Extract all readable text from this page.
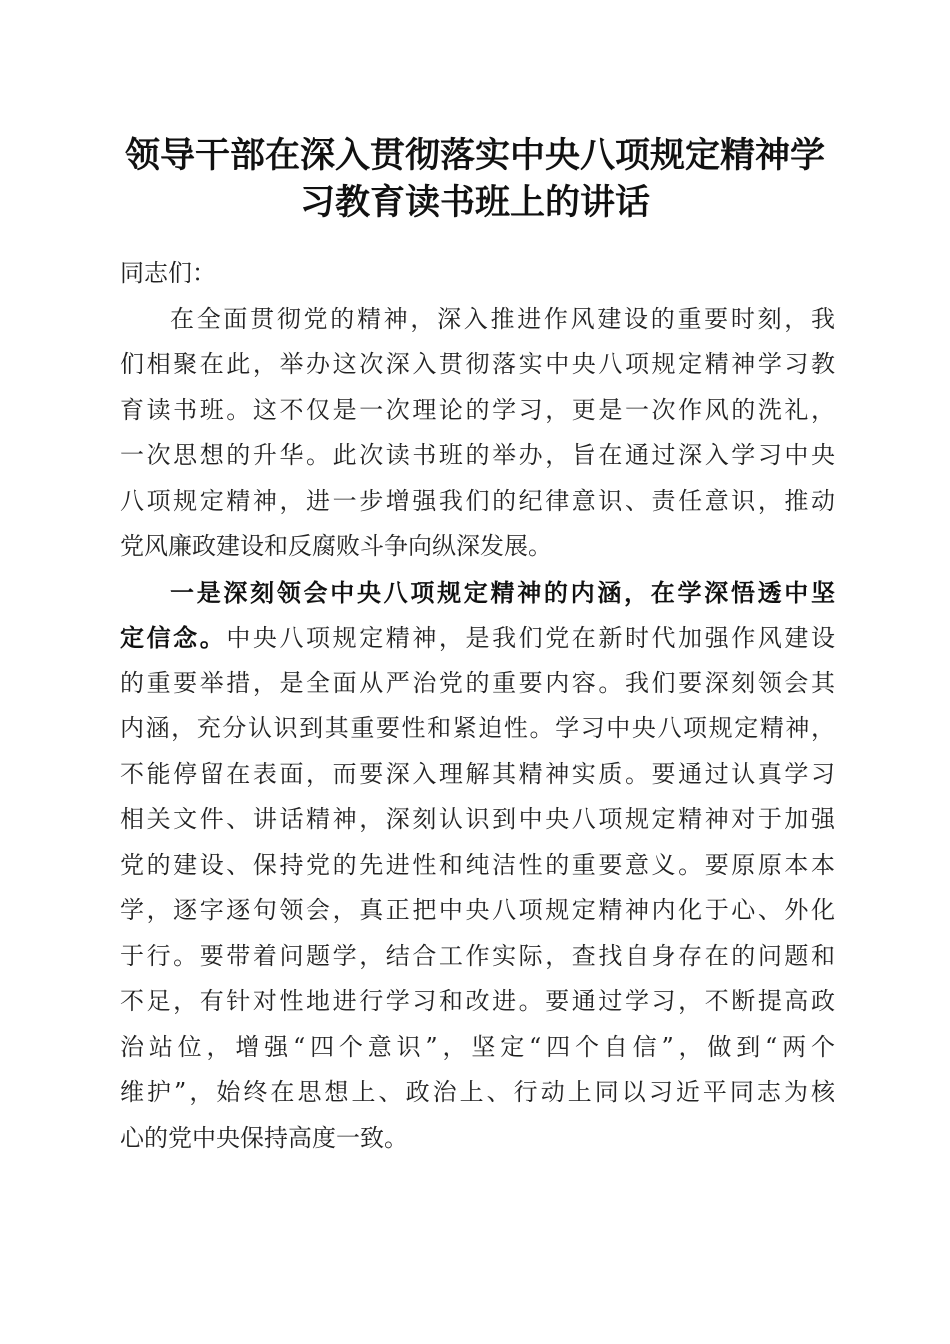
领导干部在深入贯彻落实中央八项规定精神学
习教育读书班上的讲话
同志们：
在全面贯彻党的精神，深入推进作风建设的重要时刻，我
们相聚在此，举办这次深入贯彻落实中央八项规定精神学习教
育读书班。这不仅是一次理论的学习，更是一次作风的洗礼，
一次思想的升华。此次读书班的举办，旨在通过深入学习中央
八项规定精神，进一步增强我们的纪律意识、责任意识，推动
党风廉政建设和反腐败斗争向纵深发展。
一是深刻领会中央八项规定精神的内涵，在学深悟透中坚
定信念。中央八项规定精神，是我们党在新时代加强作风建设
的重要举措，是全面从严治党的重要内容。我们要深刻领会其
内涵，充分认识到其重要性和紧迫性。学习中央八项规定精神，
不能停留在表面，而要深入理解其精神实质。要通过认真学习
相关文件、讲话精神，深刻认识到中央八项规定精神对于加强
党的建设、保持党的先进性和纯洁性的重要意义。要原原本本
学，逐字逐句领会，真正把中央八项规定精神内化于心、外化
于行。要带着问题学，结合工作实际，查找自身存在的问题和
不足，有针对性地进行学习和改进。要通过学习，不断提高政
治站位，增强“四个意识”，坚定“四个自信”，做到“两个
维护”，始终在思想上、政治上、行动上同以习近平同志为核
心的党中央保持高度一致。
